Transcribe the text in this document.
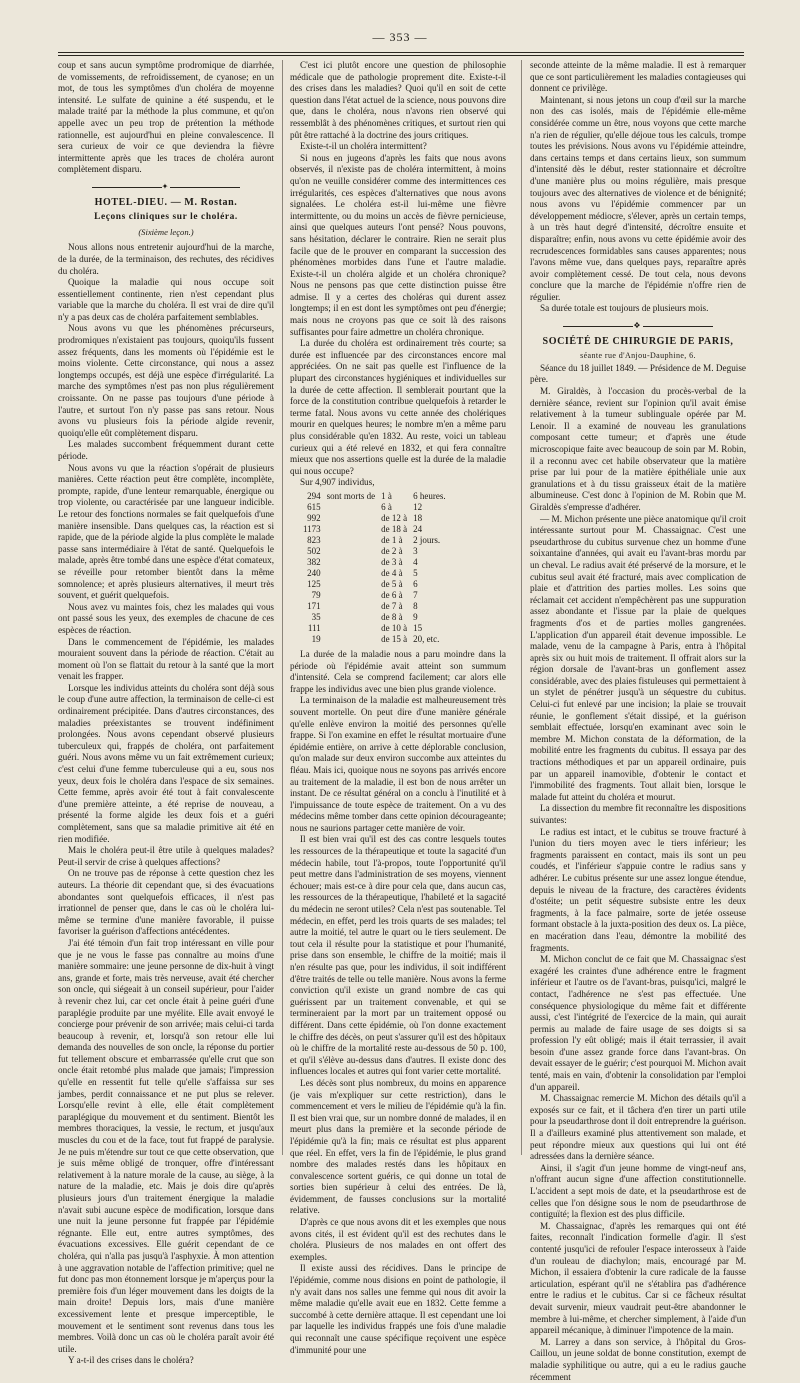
— 353 —

coup et sans aucun symptôme prodromique de diarrhée, de vomissements, de refroidissement, de cyanose; en un mot, de tous les symptômes d'un choléra de moyenne intensité. Le sulfate de quinine a été suspendu, et le malade traité par la méthode la plus commune, et qu'on appelle avec un peu trop de prétention la méthode rationnelle, est aujourd'hui en pleine convalescence. Il sera curieux de voir ce que deviendra la fièvre intermittente après que les traces de choléra auront complètement disparu.

✦
HOTEL-DIEU. — M. Rostan.
Leçons cliniques sur le choléra.
(Sixième leçon.)

Nous allons nous entretenir aujourd'hui de la marche, de la durée, de la terminaison, des rechutes, des récidives du choléra.

Quoique la maladie qui nous occupe soit essentiellement continente, rien n'est cependant plus variable que la marche du choléra. Il est vrai de dire qu'il n'y a pas deux cas de choléra parfaitement semblables.

Nous avons vu que les phénomènes précurseurs, prodromiques n'existaient pas toujours, quoiqu'ils fussent assez fréquents, dans les moments où l'épidémie est le moins violente. Cette circonstance, qui nous a assez longtemps occupés, est déjà une espèce d'irrégularité. La marche des symptômes n'est pas non plus régulièrement croissante. On ne passe pas toujours d'une période à l'autre, et surtout l'on n'y passe pas sans retour. Nous avons vu plusieurs fois la période algide revenir, quoiqu'elle eût complètement disparu.

Les malades succombent fréquemment durant cette période.

Nous avons vu que la réaction s'opérait de plusieurs manières. Cette réaction peut être complète, incomplète, prompte, rapide, d'une lenteur remarquable, énergique ou trop violente, ou caractérisée par une langueur indicible. Le retour des fonctions normales se fait quelquefois d'une manière insensible. Dans quelques cas, la réaction est si rapide, que de la période algide la plus complète le malade passe sans intermédiaire à l'état de santé. Quelquefois le malade, après être tombé dans une espèce d'état comateux, se réveille pour retomber bientôt dans la même somnolence; et après plusieurs alternatives, il meurt très souvent, et guérit quelquefois.

Nous avez vu maintes fois, chez les malades qui vous ont passé sous les yeux, des exemples de chacune de ces espèces de réaction.

Dans le commencement de l'épidémie, les malades mouraient souvent dans la période de réaction. C'était au moment où l'on se flattait du retour à la santé que la mort venait les frapper.

Lorsque les individus atteints du choléra sont déjà sous le coup d'une autre affection, la terminaison de celle-ci est ordinairement précipitée. Dans d'autres circonstances, des maladies préexistantes se trouvent indéfiniment prolongées. Nous avons cependant observé plusieurs tuberculeux qui, frappés de choléra, ont parfaitement guéri. Nous avons même vu un fait extrêmement curieux; c'est celui d'une femme tuberculeuse qui a eu, sous nos yeux, deux fois le choléra dans l'espace de six semaines. Cette femme, après avoir été tout à fait convalescente d'une première atteinte, a été reprise de nouveau, a présenté la forme algide les deux fois et a guéri complètement, sans que sa maladie primitive ait été en rien modifiée.

Mais le choléra peut-il être utile à quelques malades? Peut-il servir de crise à quelques affections?

On ne trouve pas de réponse à cette question chez les auteurs. La théorie dit cependant que, si des évacuations abondantes sont quelquefois efficaces, il n'est pas irrationnel de penser que, dans le cas où le choléra lui-même se termine d'une manière favorable, il puisse favoriser la guérison d'affections antécédentes.

J'ai été témoin d'un fait trop intéressant en ville pour que je ne vous le fasse pas connaître au moins d'une manière sommaire: une jeune personne de dix-huit à vingt ans, grande et forte, mais très nerveuse, avait été chercher son oncle, qui siégeait à un conseil supérieur, pour l'aider à revenir chez lui, car cet oncle était à peine guéri d'une paraplégie produite par une myélite. Elle avait envoyé le concierge pour prévenir de son arrivée; mais celui-ci tarda beaucoup à revenir, et, lorsqu'à son retour elle lui demanda des nouvelles de son oncle, la réponse du portier fut tellement obscure et embarrassée qu'elle crut que son oncle était retombé plus malade que jamais; l'impression qu'elle en ressentit fut telle qu'elle s'affaissa sur ses jambes, perdit connaissance et ne put plus se relever. Lorsqu'elle revint à elle, elle était complètement paraplégique du mouvement et du sentiment. Bientôt les membres thoraciques, la vessie, le rectum, et jusqu'aux muscles du cou et de la face, tout fut frappé de paralysie. Je ne puis m'étendre sur tout ce que cette observation, que je suis même obligé de tronquer, offre d'intéressant relativement à la nature morale de la cause, au siège, à la nature de la maladie, etc. Mais je dois dire qu'après plusieurs jours d'un traitement énergique la maladie n'avait subi aucune espèce de modification, lorsque dans une nuit la jeune personne fut frappée par l'épidémie régnante. Elle eut, entre autres symptômes, des évacuations excessives. Elle guérit cependant de ce choléra, qui n'alla pas jusqu'à l'asphyxie. À mon attention à une aggravation notable de l'affection primitive; quel ne fut donc pas mon étonnement lorsque je m'aperçus pour la première fois d'un léger mouvement dans les doigts de la main droite! Depuis lors, mais d'une manière excessivement lente et presque imperceptible, le mouvement et le sentiment sont revenus dans tous les membres. Voilà donc un cas où le choléra paraît avoir été utile.

Y a-t-il des crises dans le choléra?

C'est ici plutôt encore une question de philosophie médicale que de pathologie proprement dite. Existe-t-il des crises dans les maladies? Quoi qu'il en soit de cette question dans l'état actuel de la science, nous pouvons dire que, dans le choléra, nous n'avons rien observé qui ressemblât à des phénomènes critiques, et surtout rien qui pût être rattaché à la doctrine des jours critiques.

Existe-t-il un choléra intermittent?

Si nous en jugeons d'après les faits que nous avons observés, il n'existe pas de choléra intermittent, à moins qu'on ne veuille considérer comme des intermittences ces irrégularités, ces espèces d'alternatives que nous avons signalées. Le choléra est-il lui-même une fièvre intermittente, ou du moins un accès de fièvre pernicieuse, ainsi que quelques auteurs l'ont pensé? Nous pouvons, sans hésitation, déclarer le contraire. Rien ne serait plus facile que de le prouver en comparant la succession des phénomènes morbides dans l'une et l'autre maladie. Existe-t-il un choléra algide et un choléra chronique? Nous ne pensons pas que cette distinction puisse être admise. Il y a certes des choléras qui durent assez longtemps; il en est dont les symptômes ont peu d'énergie; mais nous ne croyons pas que ce soit là des raisons suffisantes pour faire admettre un choléra chronique.

La durée du choléra est ordinairement très courte; sa durée est influencée par des circonstances encore mal appréciées. On ne sait pas quelle est l'influence de la plupart des circonstances hygiéniques et individuelles sur la durée de cette affection. Il semblerait pourtant que la force de la constitution contribue quelquefois à retarder le terme fatal. Nous avons vu cette année des cholériques mourir en quelques heures; le nombre m'en a même paru plus considérable qu'en 1832. Au reste, voici un tableau curieux qui a été relevé en 1832, et qui fera connaître mieux que nos assertions quelle est la durée de la maladie qui nous occupe?

Sur 4,907 individus,

294	sont morts de	1 à	6 heures.
615		6 à	12
992		de 12 à	18
1173		de 18 à	24
823		de 1 à	2 jours.
502		de 2 à	3
382		de 3 à	4
240		de 4 à	5
125		de 5 à	6
79		de 6 à	7
171		de 7 à	8
35		de 8 à	9
111		de 10 à	15
19		de 15 à	20, etc.

La durée de la maladie nous a paru moindre dans la période où l'épidémie avait atteint son summum d'intensité. Cela se comprend facilement; car alors elle frappe les individus avec une bien plus grande violence.

La terminaison de la maladie est malheureusement très souvent mortelle. On peut dire d'une manière générale qu'elle enlève environ la moitié des personnes qu'elle frappe. Si l'on examine en effet le résultat mortuaire d'une épidémie entière, on arrive à cette déplorable conclusion, qu'on malade sur deux environ succombe aux atteintes du fléau. Mais ici, quoique nous ne soyons pas arrivés encore au traitement de la maladie, il est bon de nous arrêter un instant. De ce résultat général on a conclu à l'inutilité et à l'impuissance de toute espèce de traitement. On a vu des médecins même tomber dans cette opinion décourageante; nous ne saurions partager cette manière de voir.

Il est bien vrai qu'il est des cas contre lesquels toutes les ressources de la thérapeutique et toute la sagacité d'un médecin habile, tout l'à-propos, toute l'opportunité qu'il peut mettre dans l'administration de ses moyens, viennent échouer; mais est-ce à dire pour cela que, dans aucun cas, les ressources de la thérapeutique, l'habileté et la sagacité du médecin ne seront utiles? Cela n'est pas soutenable. Tel médecin, en effet, perd les trois quarts de ses malades; tel autre la moitié, tel autre le quart ou le tiers seulement. De tout cela il résulte pour la statistique et pour l'humanité, prise dans son ensemble, le chiffre de la moitié; mais il n'en résulte pas que, pour les individus, il soit indifférent d'être traités de telle ou telle manière. Nous avons la ferme conviction qu'il existe un grand nombre de cas qui guérissent par un traitement convenable, et qui se termineraient par la mort par un traitement opposé ou différent. Dans cette épidémie, où l'on donne exactement le chiffre des décès, on peut s'assurer qu'il est des hôpitaux où le chiffre de la mortalité reste au-dessous de 50 p. 100, et qu'il s'élève au-dessus dans d'autres. Il existe donc des influences locales et autres qui font varier cette mortalité.

Les décès sont plus nombreux, du moins en apparence (je vais m'expliquer sur cette restriction), dans le commencement et vers le milieu de l'épidémie qu'à la fin. Il est bien vrai que, sur un nombre donné de malades, il en meurt plus dans la première et la seconde période de l'épidémie qu'à la fin; mais ce résultat est plus apparent que réel. En effet, vers la fin de l'épidémie, le plus grand nombre des malades restés dans les hôpitaux en convalescence sortent guéris, ce qui donne un total de sorties bien supérieur à celui des entrées. De là, évidemment, de fausses conclusions sur la mortalité relative.

D'après ce que nous avons dit et les exemples que nous avons cités, il est évident qu'il est des rechutes dans le choléra. Plusieurs de nos malades en ont offert des exemples.

Il existe aussi des récidives. Dans le principe de l'épidémie, comme nous disions en point de pathologie, il n'y avait dans nos salles une femme qui nous dit avoir la même maladie qu'elle avait eue en 1832. Cette femme a succombé à cette dernière attaque. Il est cependant une loi par laquelle les individus frappés une fois d'une maladie qui reconnaît une cause spécifique reçoivent une espèce d'immunité pour une

seconde atteinte de la même maladie. Il est à remarquer que ce sont particulièrement les maladies contagieuses qui donnent ce privilège.

Maintenant, si nous jetons un coup d'œil sur la marche non des cas isolés, mais de l'épidémie elle-même considérée comme un être, nous voyons que cette marche n'a rien de régulier, qu'elle déjoue tous les calculs, trompe toutes les prévisions. Nous avons vu l'épidémie atteindre, dans certains temps et dans certains lieux, son summum d'intensité dès le début, rester stationnaire et décroître d'une manière plus ou moins régulière, mais presque toujours avec des alternatives de violence et de bénignité; nous avons vu l'épidémie commencer par un développement médiocre, s'élever, après un certain temps, à un très haut degré d'intensité, décroître ensuite et disparaître; enfin, nous avons vu cette épidémie avoir des recrudescences formidables sans causes apparentes; nous l'avons même vue, dans quelques pays, reparaître après avoir complètement cessé. De tout cela, nous devons conclure que la marche de l'épidémie n'offre rien de régulier.

Sa durée totale est toujours de plusieurs mois.

❖
SOCIÉTÉ DE CHIRURGIE DE PARIS,
séante rue d'Anjou-Dauphine, 6.

Séance du 18 juillet 1849. — Présidence de M. Deguise père.

M. Giraldès, à l'occasion du procès-verbal de la dernière séance, revient sur l'opinion qu'il avait émise relativement à la tumeur sublinguale opérée par M. Lenoir. Il a examiné de nouveau les granulations composant cette tumeur; et d'après une étude microscopique faite avec beaucoup de soin par M. Robin, il a reconnu avec cet habile observateur que la matière prise par lui pour de la matière épithéliale unie aux granulations et à du tissu graisseux était de la matière albumineuse. C'est donc à l'opinion de M. Robin que M. Giraldès s'empresse d'adhérer.

— M. Michon présente une pièce anatomique qu'il croit intéressante surtout pour M. Chassaignac. C'est une pseudarthrose du cubitus survenue chez un homme d'une soixantaine d'années, qui avait eu l'avant-bras mordu par un cheval. Le radius avait été préservé de la morsure, et le cubitus seul avait été fracturé, mais avec complication de plaie et d'attrition des parties molles. Les soins que réclamait cet accident n'empêchèrent pas une suppuration assez abondante et l'issue par la plaie de quelques fragments d'os et de parties molles gangrenées. L'application d'un appareil était devenue impossible. Le malade, venu de la campagne à Paris, entra à l'hôpital après six ou huit mois de traitement. Il offrait alors sur la région dorsale de l'avant-bras un gonflement assez considérable, avec des plaies fistuleuses qui permettaient à un stylet de pénétrer jusqu'à un séquestre du cubitus. Celui-ci fut enlevé par une incision; la plaie se trouvait réunie, le gonflement s'était dissipé, et la guérison semblait effectuée, lorsqu'en examinant avec soin le membre M. Michon constata de la déformation, de la mobilité entre les fragments du cubitus. Il essaya par des tractions méthodiques et par un appareil ordinaire, puis par un appareil inamovible, d'obtenir le contact et l'immobilité des fragments. Tout allait bien, lorsque le malade fut atteint du choléra et mourut.

La dissection du membre fit reconnaître les dispositions suivantes:

Le radius est intact, et le cubitus se trouve fracturé à l'union du tiers moyen avec le tiers inférieur; les fragments paraissent en contact, mais ils sont un peu coudés, et l'inférieur s'appuie contre le radius sans y adhérer. Le cubitus présente sur une assez longue étendue, depuis le niveau de la fracture, des caractères évidents d'ostéite; un petit séquestre subsiste entre les deux fragments, à la face palmaire, sorte de jetée osseuse formant obstacle à la juxta-position des deux os. La pièce, en macération dans l'eau, démontre la mobilité des fragments.

M. Michon conclut de ce fait que M. Chassaignac s'est exagéré les craintes d'une adhérence entre le fragment inférieur et l'autre os de l'avant-bras, puisqu'ici, malgré le contact, l'adhérence ne s'est pas effectuée. Une conséquence physiologique du même fait et différente aussi, c'est l'intégrité de l'exercice de la main, qui aurait permis au malade de faire usage de ses doigts si sa profession l'y eût obligé; mais il était terrassier, il avait besoin d'une assez grande force dans l'avant-bras. On devait essayer de le guérir; c'est pourquoi M. Michon avait tenté, mais en vain, d'obtenir la consolidation par l'emploi d'un appareil.

M. Chassaignac remercie M. Michon des détails qu'il a exposés sur ce fait, et il tâchera d'en tirer un parti utile pour la pseudarthrose dont il doit entreprendre la guérison. Il a d'ailleurs examiné plus attentivement son malade, et peut répondre mieux aux questions qui lui ont été adressées dans la dernière séance.

Ainsi, il s'agit d'un jeune homme de vingt-neuf ans, n'offrant aucun signe d'une affection constitutionnelle. L'accident a sept mois de date, et la pseudarthrose est de celles que l'on désigne sous le nom de pseudarthrose de contiguïté; la flexion est des plus difficile.

M. Chassaignac, d'après les remarques qui ont été faites, reconnaît l'indication formelle d'agir. Il s'est contenté jusqu'ici de refouler l'espace interosseux à l'aide d'un rouleau de diachylon; mais, encouragé par M. Michon, il essaiera d'obtenir la cure radicale de la fausse articulation, espérant qu'il ne s'établira pas d'adhérence entre le radius et le cubitus. Car si ce fâcheux résultat devait survenir, mieux vaudrait peut-être abandonner le membre à lui-même, et chercher simplement, à l'aide d'un appareil mécanique, à diminuer l'impotence de la main.

M. Larrey a dans son service, à l'hôpital du Gros-Caillou, un jeune soldat de bonne constitution, exempt de maladie syphilitique ou autre, qui a eu le radius gauche récemment
